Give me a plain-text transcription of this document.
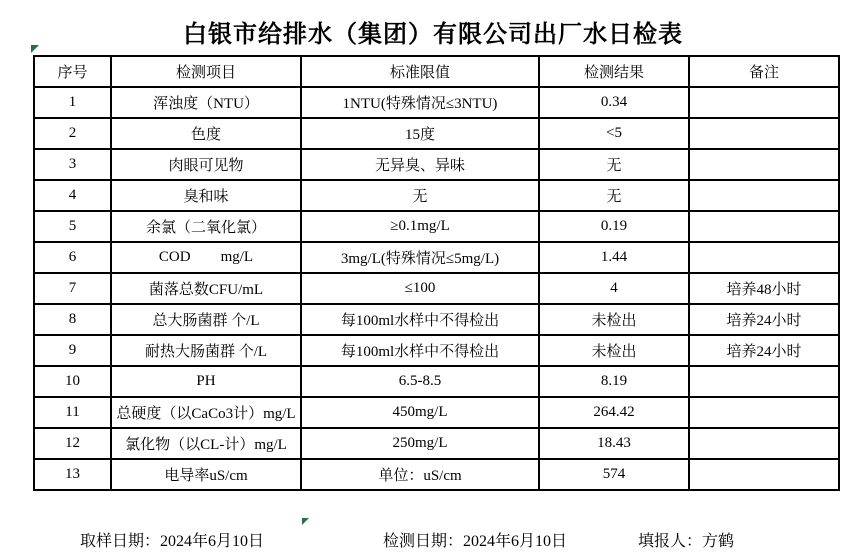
白银市给排水（集团）有限公司出厂水日检表
序号	检测项目	标准限值	检测结果	备注
1	浑浊度（NTU）	1NTU(特殊情况≤3NTU)	0.34	
2	色度	15度	<5	
3	肉眼可见物	无异臭、异味	无	
4	臭和味	无	无	
5	余氯（二氧化氯）	≥0.1mg/L	0.19	
6	COD        mg/L	3mg/L(特殊情况≤5mg/L)	1.44	
7	菌落总数CFU/mL	≤100	4	培养48小时
8	总大肠菌群 个/L	每100ml水样中不得检出	未检出	培养24小时
9	耐热大肠菌群 个/L	每100ml水样中不得检出	未检出	培养24小时
10	PH	6.5-8.5	8.19	
11	总硬度（以CaCo3计）mg/L	450mg/L	264.42	
12	氯化物（以CL-计）mg/L	250mg/L	18.43	
13	电导率uS/cm	单位：uS/cm	574	
取样日期：2024年6月10日	检测日期：2024年6月10日	填报人：方鹤
